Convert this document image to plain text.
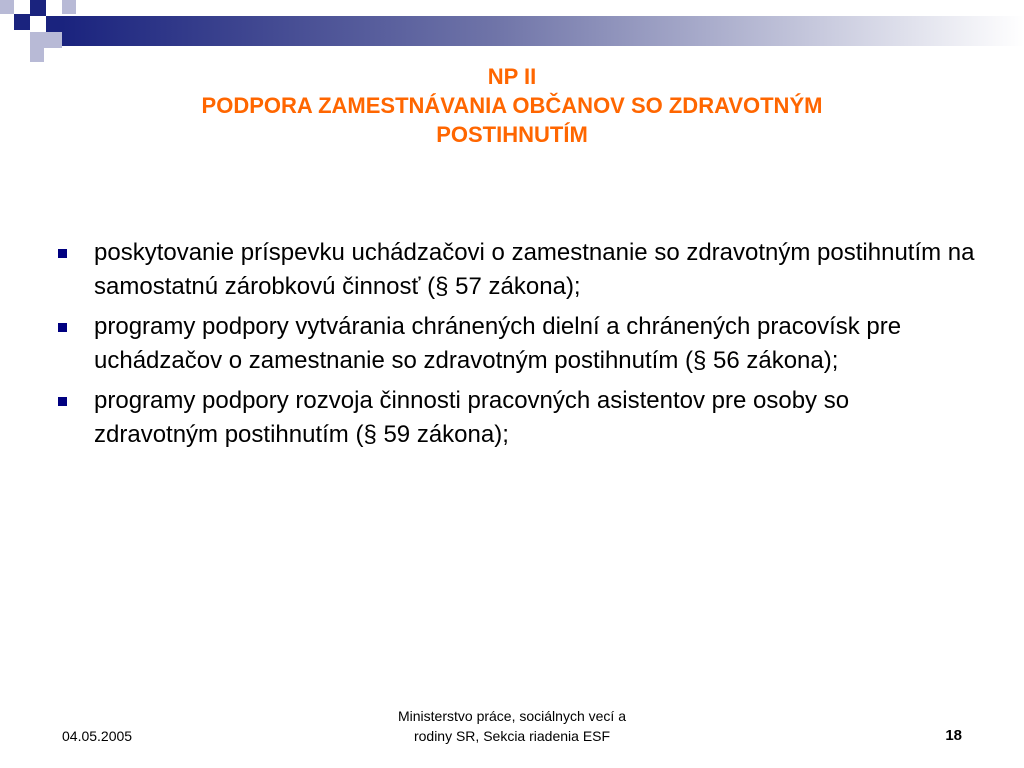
NP II
PODPORA ZAMESTNÁVANIA OBČANOV SO ZDRAVOTNÝM
POSTIHNUTÍM
poskytovanie príspevku uchádzačovi o zamestnanie so zdravotným postihnutím na samostatnú zárobkovú činnosť (§ 57 zákona);
programy podpory vytvárania chránených dielní a chránených pracovísk pre uchádzačov o zamestnanie so zdravotným postihnutím (§ 56 zákona);
programy podpory rozvoja činnosti pracovných asistentov pre osoby so zdravotným postihnutím (§ 59 zákona);
04.05.2005
Ministerstvo práce, sociálnych vecí a
rodiny SR, Sekcia riadenia ESF	18
